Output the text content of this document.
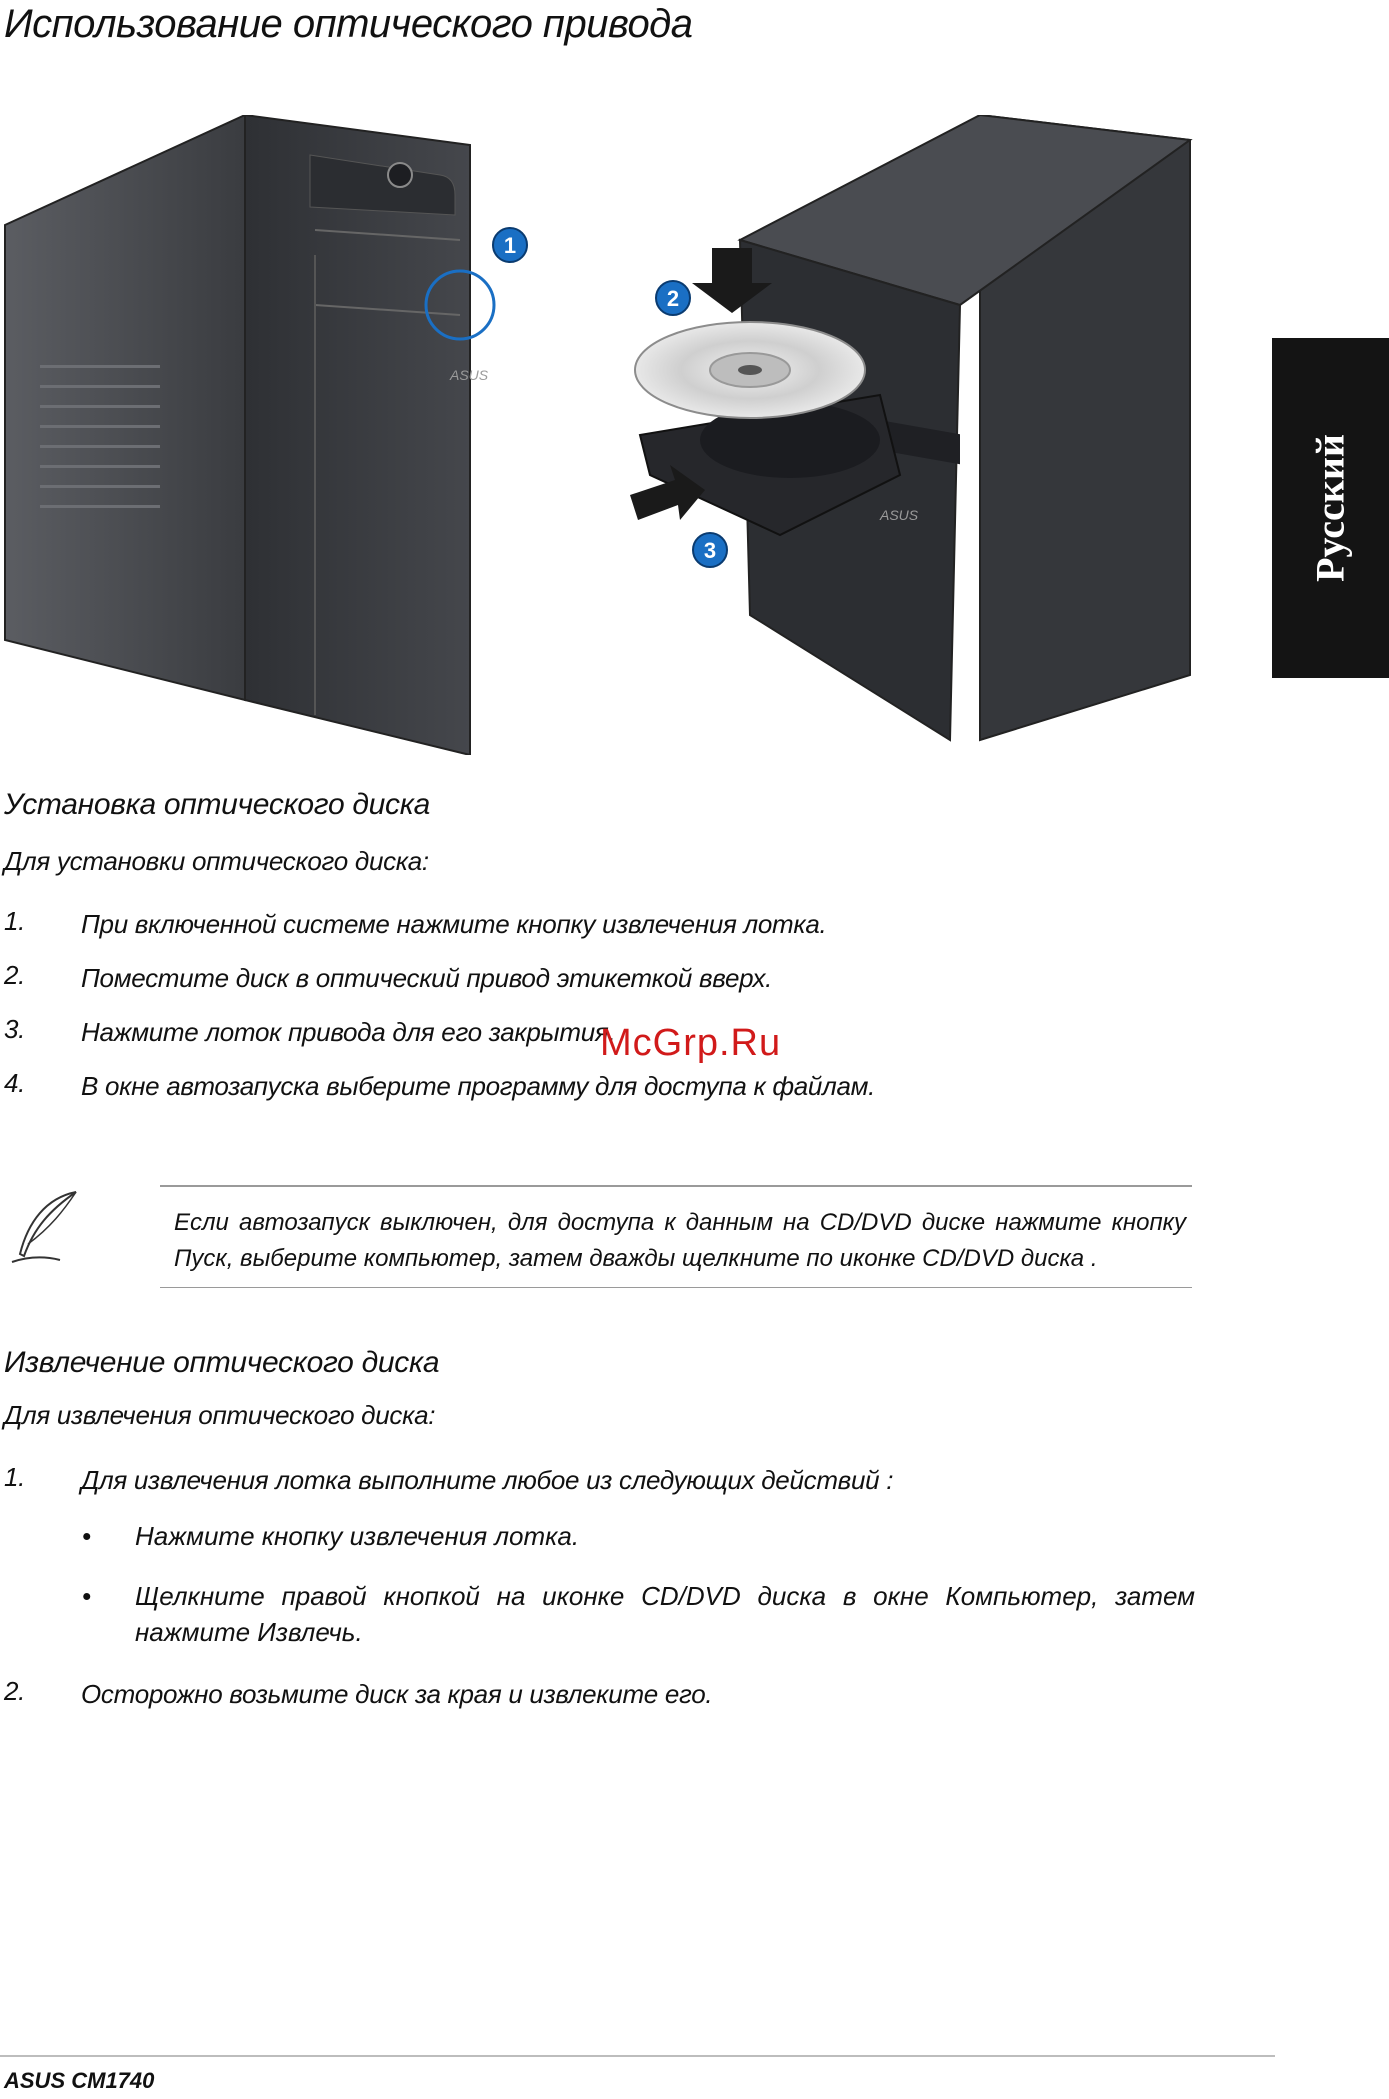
Использование оптического привода
Русский
1
2
3
ASUS
ASUS
Установка оптического диска
Для установки оптического диска:
1. При включенной системе нажмите кнопку извлечения лотка.
2. Поместите диск в оптический привод этикеткой вверх.
3. Нажмите лоток привода для его закрытия.
4. В окне автозапуска выберите программу для доступа к файлам.
McGrp.Ru
Если автозапуск выключен, для доступа к данным на CD/DVD диске нажмите кнопку Пуск, выберите компьютер, затем дважды щелкните по иконке CD/DVD диска .
Извлечение оптического диска
Для извлечения оптического диска:
1. Для извлечения лотка выполните любое из следующих действий :
• Нажмите кнопку извлечения лотка.
• Щелкните правой кнопкой на иконке CD/DVD диска в окне Компьютер, затем нажмите Извлечь.
2. Осторожно возьмите диск за края и извлеките его.
ASUS CM1740
